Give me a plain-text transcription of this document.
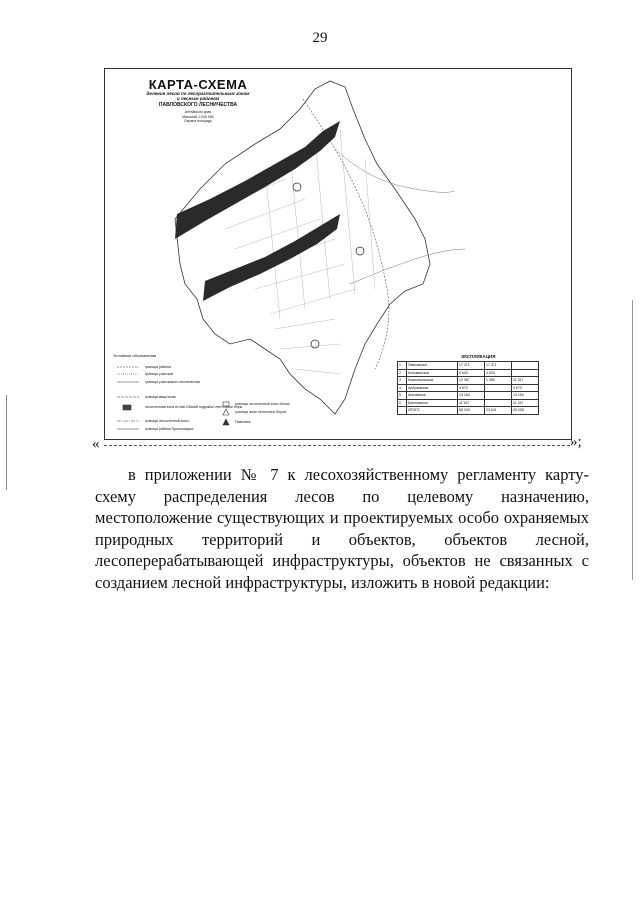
29
КАРТА-СХЕМА
деления лесов по лесорастительным зонам
и лесным районам
ПАВЛОВСКОГО ЛЕСНИЧЕСТВА
Алтайского края
Масштаб 1:240 000
Охрана площадь
Условные обозначения
граница района
граница участков
граница участкового лесничества
граница кварталов
лесостепная зона Алтай-Обский подрайон ленточные боры
граница лесостепной зоны
граница района Присалаирье
граница лесостепной зоны Алтая
граница зоны ленточных боров
Павловск
ЭКСПЛИКАЦИЯ
1	Павловское	17 371	17 371	
2	Колыванское	4 620	4 620	
3	Комсомольское	12 367	1 050	11 317
4	Арбузовское	9 570		9 570
5	Шаховское	13 154		13 154
6	Баюновское	11 167		11 167
	ИТОГО	68 249	23 041	45 208
«	»;
в приложении № 7 к лесохозяйственному регламенту карту-схему распределения лесов по целевому назначению, местоположение существующих и проектируемых особо охраняемых природных территорий и объектов, объектов лесной, лесоперерабатывающей инфраструктуры, объектов не связанных с созданием лесной инфраструктуры, изложить в новой редакции:
